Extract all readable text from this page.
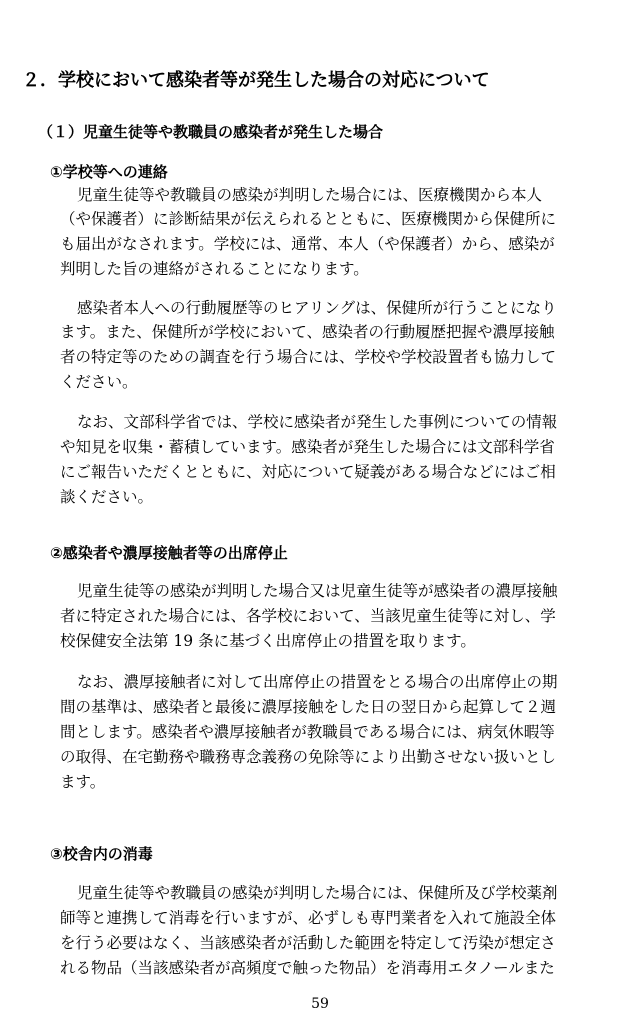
２．学校において感染者等が発生した場合の対応について
（１）児童生徒等や教職員の感染者が発生した場合
①学校等への連絡
児童生徒等や教職員の感染が判明した場合には、医療機関から本人
（や保護者）に診断結果が伝えられるとともに、医療機関から保健所に
も届出がなされます。学校には、通常、本人（や保護者）から、感染が
判明した旨の連絡がされることになります。
感染者本人への行動履歴等のヒアリングは、保健所が行うことになり
ます。また、保健所が学校において、感染者の行動履歴把握や濃厚接触
者の特定等のための調査を行う場合には、学校や学校設置者も協力して
ください。
なお、文部科学省では、学校に感染者が発生した事例についての情報
や知見を収集・蓄積しています。感染者が発生した場合には文部科学省
にご報告いただくとともに、対応について疑義がある場合などにはご相
談ください。
②感染者や濃厚接触者等の出席停止
児童生徒等の感染が判明した場合又は児童生徒等が感染者の濃厚接触
者に特定された場合には、各学校において、当該児童生徒等に対し、学
校保健安全法第 19 条に基づく出席停止の措置を取ります。
なお、濃厚接触者に対して出席停止の措置をとる場合の出席停止の期
間の基準は、感染者と最後に濃厚接触をした日の翌日から起算して２週
間とします。感染者や濃厚接触者が教職員である場合には、病気休暇等
の取得、在宅勤務や職務専念義務の免除等により出勤させない扱いとし
ます。
③校舎内の消毒
児童生徒等や教職員の感染が判明した場合には、保健所及び学校薬剤
師等と連携して消毒を行いますが、必ずしも専門業者を入れて施設全体
を行う必要はなく、当該感染者が活動した範囲を特定して汚染が想定さ
れる物品（当該感染者が高頻度で触った物品）を消毒用エタノールまた
59
